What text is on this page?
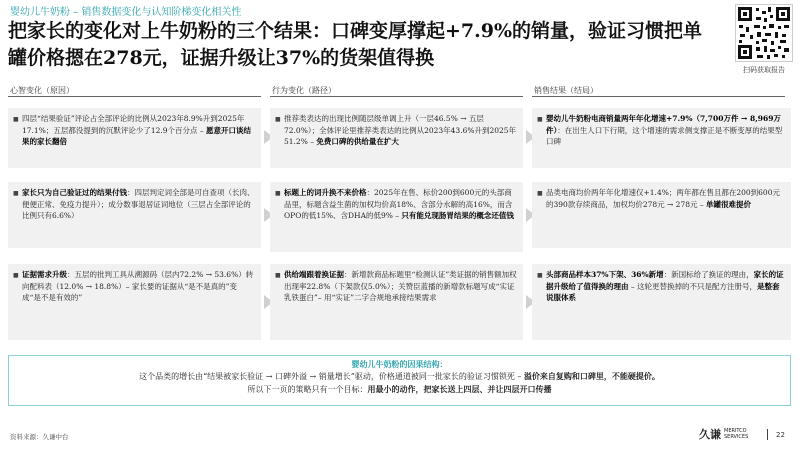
婴幼儿牛奶粉 – 销售数据变化与认知阶梯变化相关性
把家长的变化对上牛奶粉的三个结果：口碑变厚撑起+7.9%的销量，验证习惯把单罐价格摁在278元，证据升级让37%的货架值得换
扫码获取报告
心智变化（原因）
■ 四层“结果验证”评论占全部评论的比例从2023年8.9%升到2025年17.1%；五层都没提到的沉默评论少了12.9个百分点 – 愿意开口谈结果的家长翻倍
■ 家长只为自己验证过的结果付钱：四层判定词全部是可自查项（长肉、便便正常、免疫力提升）；成分数事退居证词地位（三层占全部评论的比例只有6.6%）
■ 证据需求升级：五层的批判工具从溯源码（层内72.2% → 53.6%）转向配料表（12.0% → 18.8%）– 家长要的证据从“是不是真的”变成“是不是有效的”
行为变化（路径）
■ 推荐类表达的出现比例随层级单调上升（一层46.5% → 五层72.0%）；全体评论里推荐类表达的比例从2023年43.6%升到2025年51.2% – 免费口碑的供给量在扩大
■ 标题上的词升换不来价格：2025年在售、标价200到600元的头部商品里，标题含益生菌的加权均价高18%、含部分水解的高16%，而含OPO的低15%、含DHA的低9% – 只有能兑现肠胃结果的概念还值钱
■ 供给端跟着换证据：新增款商品标题里“检测认证”类证据的销售额加权出现率22.8%（下架款仅5.0%）；关赞臣蓝播的新增款标题写成“实证乳铁蛋白”– 用“实证”二字合规地承接结果需求
销售结果（结局）
■ 婴幼儿牛奶粉电商销量两年年化增速+7.9%（7,700万件 → 8,969万件）：在出生人口下行期，这个增速的需求侧支撑正是不断变厚的结果型口碑
■ 品类电商均价两年年化增速仅+1.4%；两年都在售且都在200到600元的390款存续商品，加权均价278元 → 278元 – 单罐很难提价
■ 头部商品样本37%下架、36%新增：新国标给了换证的理由，家长的证据升级给了值得换的理由 – 这轮更替换掉的不只是配方注册号，是整套说服体系
婴幼儿牛奶粉的因果结构：
这个品类的增长由“结果被家长验证 → 口碑外溢 → 销量增长”驱动，价格通道被同一批家长的验证习惯锁死 – 溢价来自复购和口碑里，不能硬提价。
所以下一页的策略只有一个目标：用最小的动作，把家长送上四层、并让四层开口传播
资料来源：久谦中台	久谦 MERITCO
SERVICES	22
